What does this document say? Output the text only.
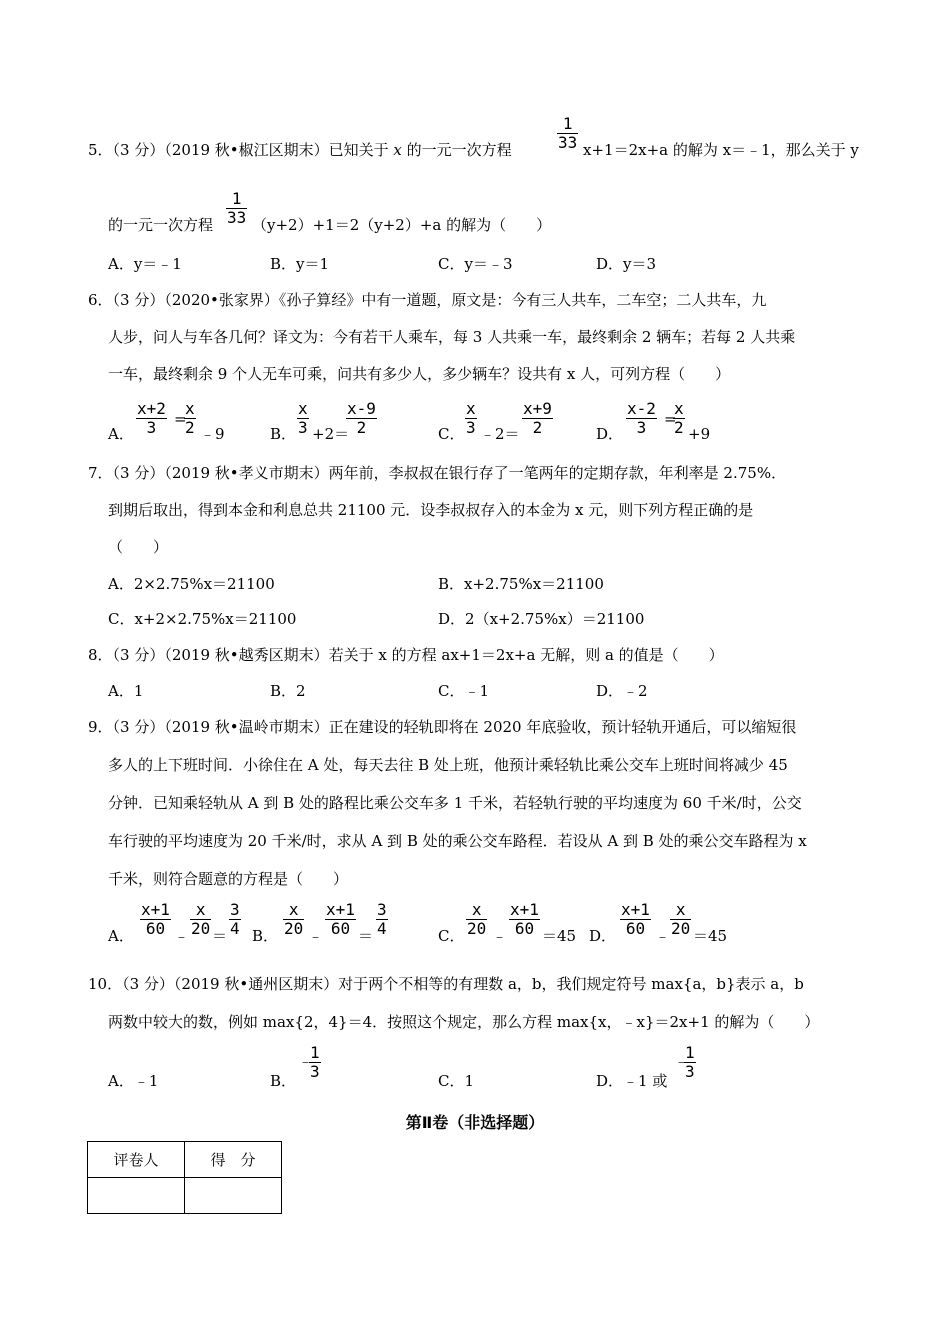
1
33
5．（3 分）（2019 秋•椒江区期末）已知关于 x 的一元一次方程	x+1＝2x+a 的解为 x＝﹣1，那么关于 y
1
33
的一元一次方程	（y+2）+1＝2（y+2）+a 的解为（　　）
A．y＝﹣1	B．y＝1	C．y＝﹣3	D．y＝3
6．（3 分）（2020•张家界）《孙子算经》中有一道题，原文是：今有三人共车，二车空；二人共车，九
人步，问人与车各几何？译文为：今有若干人乘车，每 3 人共乘一车，最终剩余 2 辆车；若每 2 人共乘
一车，最终剩余 9 个人无车可乘，问共有多少人，多少辆车？设共有 x 人，可列方程（　　）
A．
x+2
3	=
x
2 ﹣9	B．
x
3 +2＝
x-9
2	C．
x
3 ﹣2＝
x+9
2	D．
x-2
3	=
x
2 +9
7．（3 分）（2019 秋•孝义市期末）两年前，李叔叔在银行存了一笔两年的定期存款，年利率是 2.75%．
到期后取出，得到本金和利息总共 21100 元．设李叔叔存入的本金为 x 元，则下列方程正确的是
（　　）
A．2×2.75%x＝21100	B．x+2.75%x＝21100
C．x+2×2.75%x＝21100	D．2（x+2.75%x）＝21100
8．（3 分）（2019 秋•越秀区期末）若关于 x 的方程 ax+1＝2x+a 无解，则 a 的值是（　　）
A．1	B．2	C．﹣1	D．﹣2
9．（3 分）（2019 秋•温岭市期末）正在建设的轻轨即将在 2020 年底验收，预计轻轨开通后，可以缩短很
多人的上下班时间．小徐住在 A 处，每天去往 B 处上班，他预计乘轻轨比乘公交车上班时间将减少 45
分钟．已知乘轻轨从 A 到 B 处的路程比乘公交车多 1 千米，若轻轨行驶的平均速度为 60 千米/时，公交
车行驶的平均速度为 20 千米/时，求从 A 到 B 处的乘公交车路程．若设从 A 到 B 处的乘公交车路程为 x
千米，则符合题意的方程是（　　）
A．
x+1
60 ﹣
x
20 ＝
3
4 B．
x
20 ﹣
x+1
60 ＝
3
4	C．
x
20 ﹣
x+1
60 ＝45 D．
x+1
60 ﹣
x
20 ＝45
10．（3 分）（2019 秋•通州区期末）对于两个不相等的有理数 a，b，我们规定符号 max{a，b}表示 a，b
两数中较大的数，例如 max{2，4}＝4．按照这个规定，那么方程 max{x，﹣x}＝2x+1 的解为（　　）
A．﹣1	B．
﹣
1
3	C．1	D．﹣1 或
﹣
1
3
第Ⅱ卷（非选择题）
评卷人	得　分
